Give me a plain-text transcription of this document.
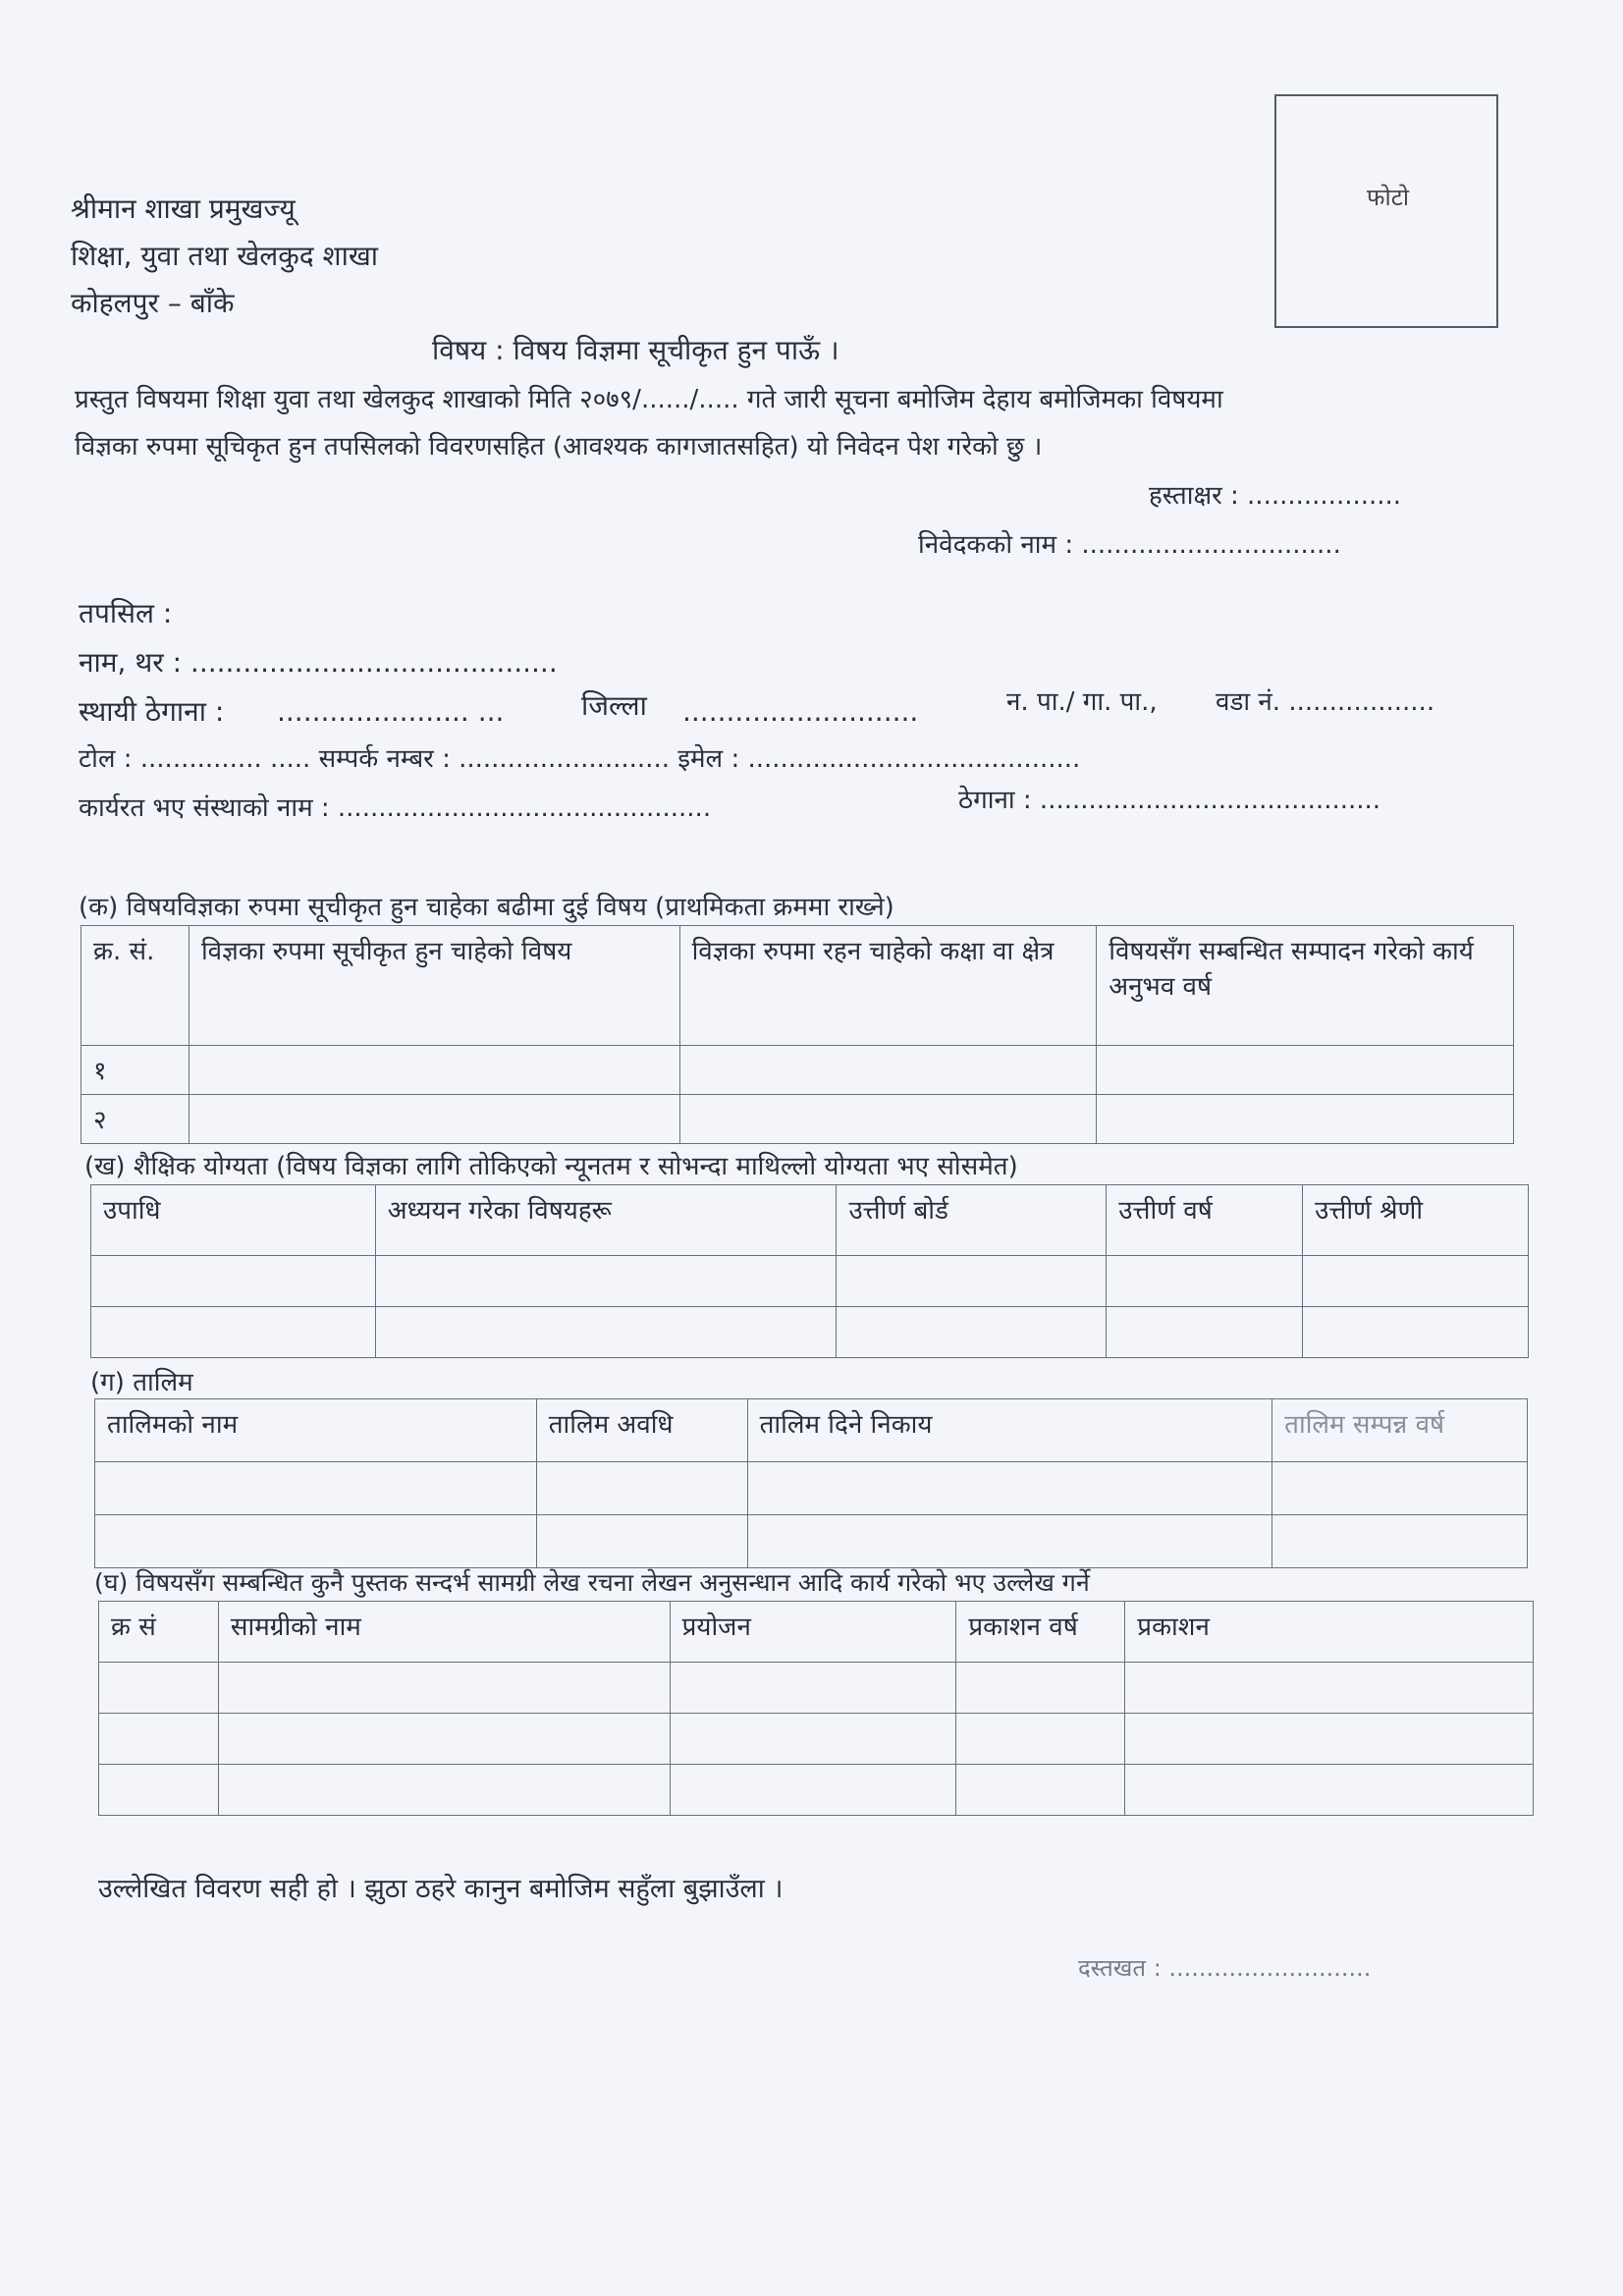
फोटो
श्रीमान शाखा प्रमुखज्यू
शिक्षा, युवा तथा खेलकुद शाखा
कोहलपुर – बाँके
विषय : विषय विज्ञमा सूचीकृत हुन पाऊँ ।
प्रस्तुत विषयमा शिक्षा युवा तथा खेलकुद शाखाको मिति २०७९/....../..... गते जारी सूचना बमोजिम देहाय बमोजिमका विषयमा
विज्ञका रुपमा सूचिकृत हुन तपसिलको विवरणसहित (आवश्यक कागजातसहित) यो निवेदन पेश गरेको छु ।
हस्ताक्षर : ...................
निवेदकको नाम : ................................
तपसिल :
नाम, थर : ..........................................
स्थायी ठेगाना : ...................... ...	जिल्ला ...........................	न. पा./ गा. पा., वडा नं. ..................
टोल : ............... ..... सम्पर्क नम्बर : .......................... इमेल : .........................................
कार्यरत भए संस्थाको नाम : ..............................................	ठेगाना : ..........................................
(क) विषयविज्ञका रुपमा सूचीकृत हुन चाहेका बढीमा दुई विषय (प्राथमिकता क्रममा राख्ने)
क्र. सं.	विज्ञका रुपमा सूचीकृत हुन चाहेको विषय	विज्ञका रुपमा रहन चाहेको कक्षा वा क्षेत्र	विषयसँग सम्बन्धित सम्पादन गरेको कार्य अनुभव वर्ष
१			
२			
(ख) शैक्षिक योग्यता (विषय विज्ञका लागि तोकिएको न्यूनतम र सोभन्दा माथिल्लो योग्यता भए सोसमेत)
उपाधि	अध्ययन गरेका विषयहरू	उत्तीर्ण बोर्ड	उत्तीर्ण वर्ष	उत्तीर्ण श्रेणी

(ग) तालिम
तालिमको नाम	तालिम अवधि	तालिम दिने निकाय	तालिम सम्पन्न वर्ष

(घ) विषयसँग सम्बन्धित कुनै पुस्तक सन्दर्भ सामग्री लेख रचना लेखन अनुसन्धान आदि कार्य गरेको भए उल्लेख गर्ने
क्र सं	सामग्रीको नाम	प्रयोजन	प्रकाशन वर्ष	प्रकाशन

उल्लेखित विवरण सही हो । झुठा ठहरे कानुन बमोजिम सहुँला बुझाउँला ।
दस्तखत : ...........................
